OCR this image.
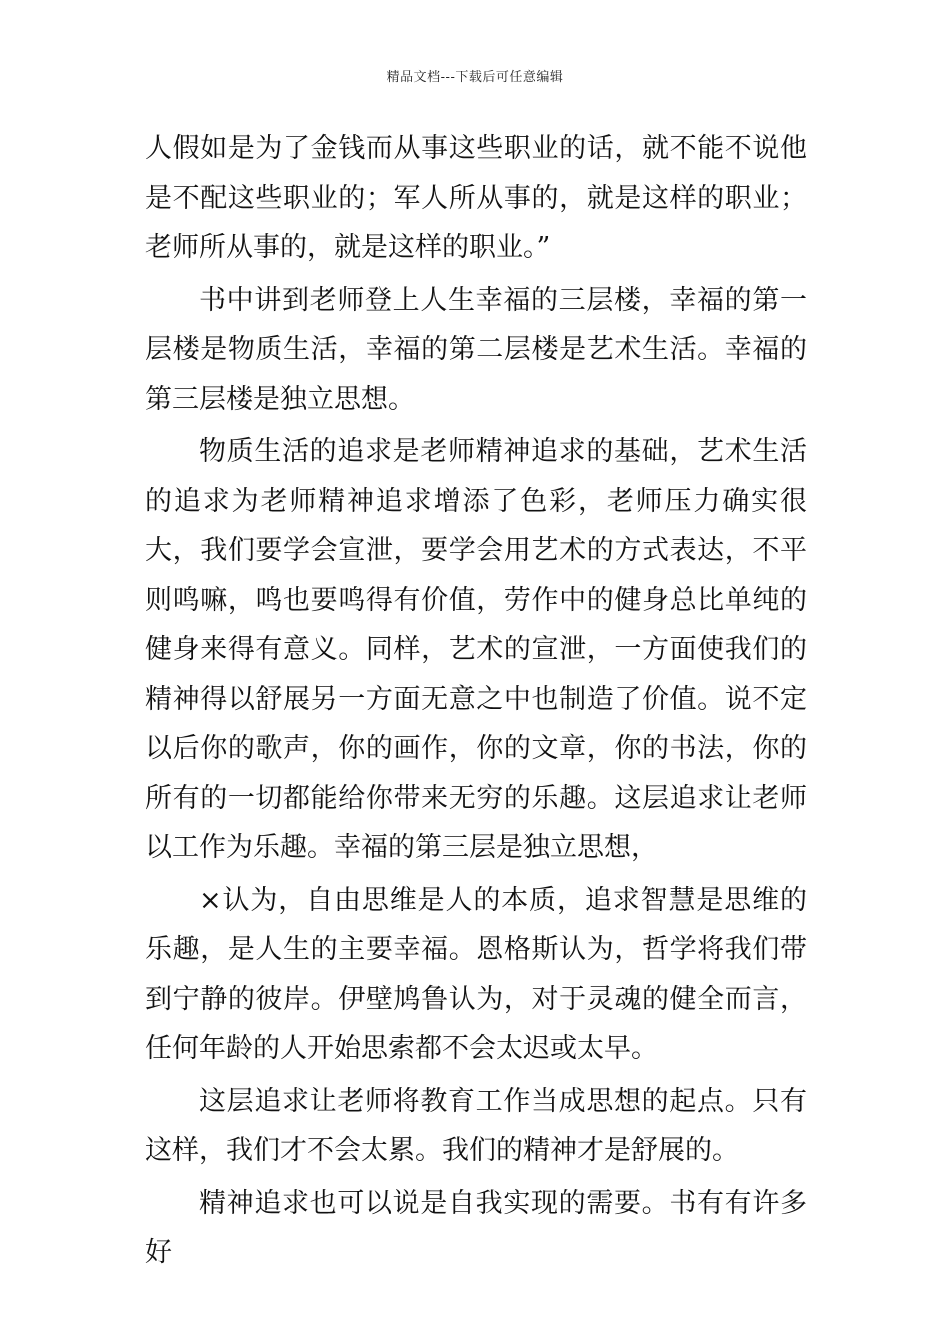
精品文档---下载后可任意编辑

人假如是为了金钱而从事这些职业的话，就不能不说他是不配这些职业的；军人所从事的，就是这样的职业；老师所从事的，就是这样的职业。”

书中讲到老师登上人生幸福的三层楼，幸福的第一层楼是物质生活，幸福的第二层楼是艺术生活。幸福的第三层楼是独立思想。

物质生活的追求是老师精神追求的基础，艺术生活的追求为老师精神追求增添了色彩，老师压力确实很大，我们要学会宣泄，要学会用艺术的方式表达，不平则鸣嘛，鸣也要鸣得有价值，劳作中的健身总比单纯的健身来得有意义。同样，艺术的宣泄，一方面使我们的精神得以舒展另一方面无意之中也制造了价值。说不定以后你的歌声，你的画作，你的文章，你的书法，你的所有的一切都能给你带来无穷的乐趣。这层追求让老师以工作为乐趣。幸福的第三层是独立思想，

×认为，自由思维是人的本质，追求智慧是思维的乐趣，是人生的主要幸福。恩格斯认为，哲学将我们带到宁静的彼岸。伊壁鸠鲁认为，对于灵魂的健全而言，任何年龄的人开始思索都不会太迟或太早。

这层追求让老师将教育工作当成思想的起点。只有这样，我们才不会太累。我们的精神才是舒展的。

精神追求也可以说是自我实现的需要。书有有许多好
